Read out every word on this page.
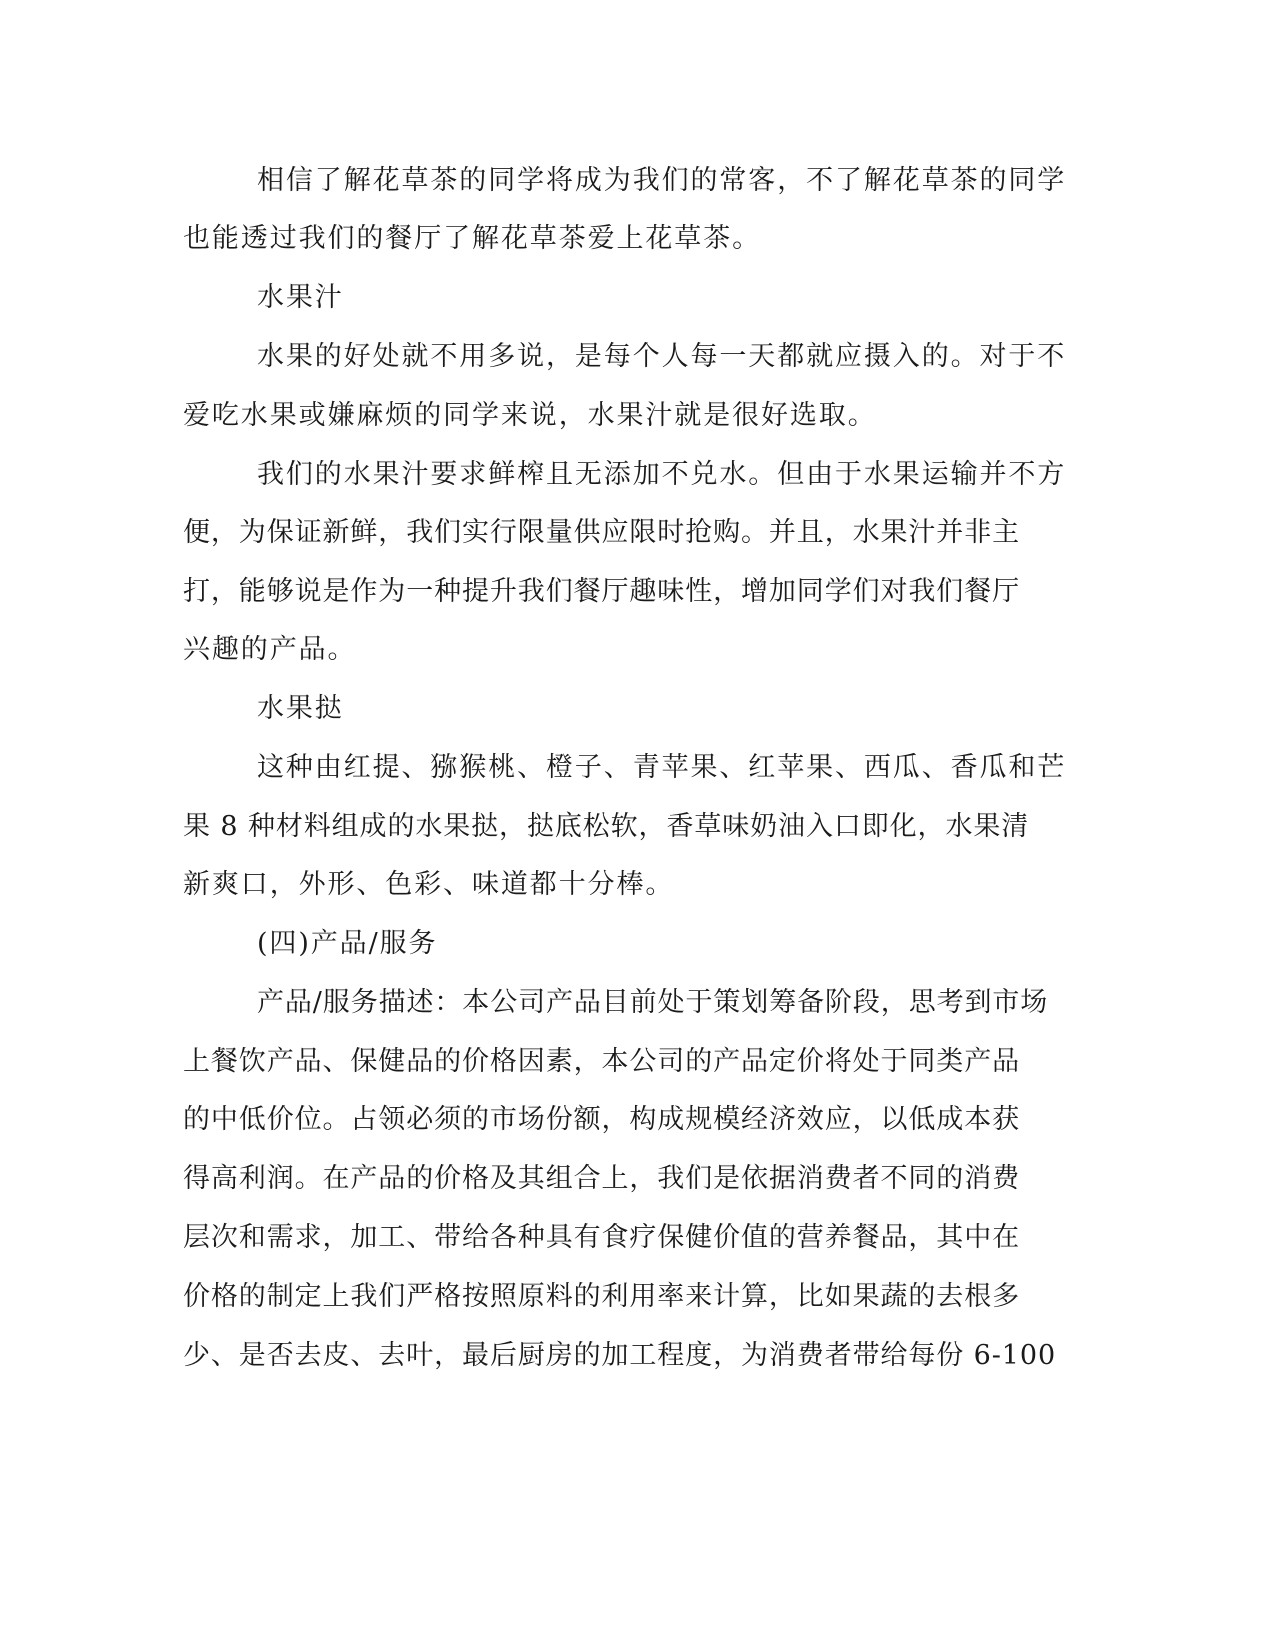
相信了解花草茶的同学将成为我们的常客，不了解花草茶的同学
也能透过我们的餐厅了解花草茶爱上花草茶。
水果汁
水果的好处就不用多说，是每个人每一天都就应摄入的。对于不
爱吃水果或嫌麻烦的同学来说，水果汁就是很好选取。
我们的水果汁要求鲜榨且无添加不兑水。但由于水果运输并不方
便，为保证新鲜，我们实行限量供应限时抢购。并且，水果汁并非主
打，能够说是作为一种提升我们餐厅趣味性，增加同学们对我们餐厅
兴趣的产品。
水果挞
这种由红提、猕猴桃、橙子、青苹果、红苹果、西瓜、香瓜和芒
果 8 种材料组成的水果挞，挞底松软，香草味奶油入口即化，水果清
新爽口，外形、色彩、味道都十分棒。
(四)产品/服务
产品/服务描述：本公司产品目前处于策划筹备阶段，思考到市场
上餐饮产品、保健品的价格因素，本公司的产品定价将处于同类产品
的中低价位。占领必须的市场份额，构成规模经济效应，以低成本获
得高利润。在产品的价格及其组合上，我们是依据消费者不同的消费
层次和需求，加工、带给各种具有食疗保健价值的营养餐品，其中在
价格的制定上我们严格按照原料的利用率来计算，比如果蔬的去根多
少、是否去皮、去叶，最后厨房的加工程度，为消费者带给每份 6-100
